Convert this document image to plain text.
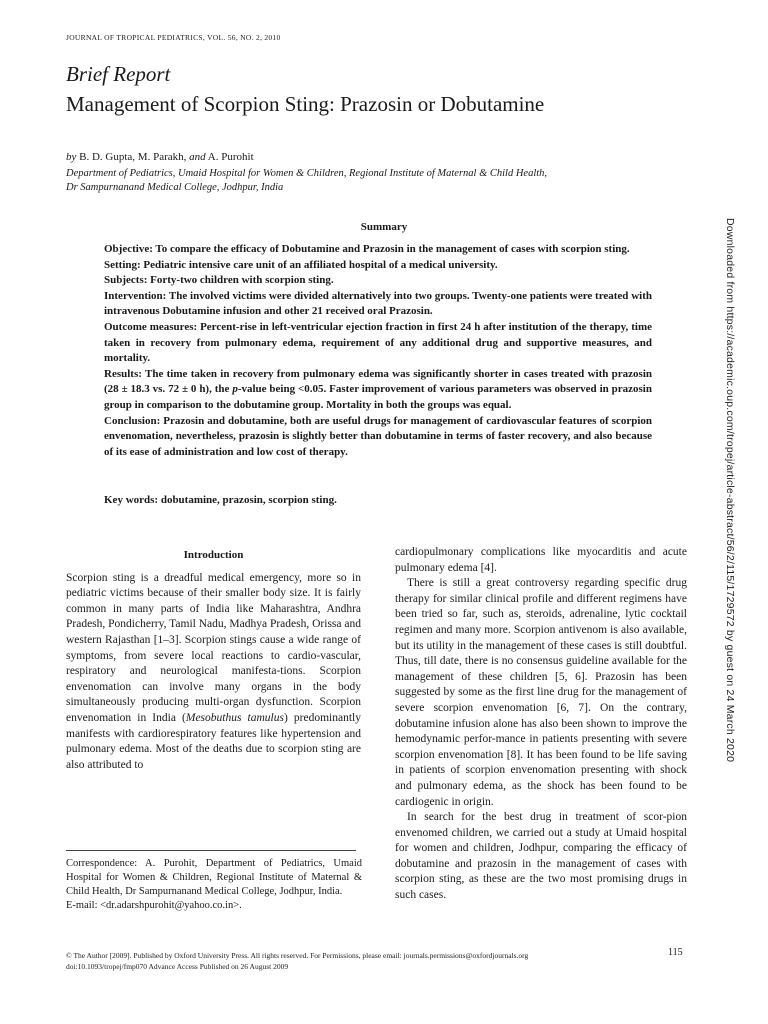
JOURNAL OF TROPICAL PEDIATRICS, VOL. 56, NO. 2, 2010
Brief Report
Management of Scorpion Sting: Prazosin or Dobutamine
by B. D. Gupta, M. Parakh, and A. Purohit
Department of Pediatrics, Umaid Hospital for Women & Children, Regional Institute of Maternal & Child Health,
Dr Sampurnanand Medical College, Jodhpur, India
Summary

Objective: To compare the efficacy of Dobutamine and Prazosin in the management of cases with scorpion sting.

Setting: Pediatric intensive care unit of an affiliated hospital of a medical university.

Subjects: Forty-two children with scorpion sting.

Intervention: The involved victims were divided alternatively into two groups. Twenty-one patients were treated with intravenous Dobutamine infusion and other 21 received oral Prazosin.

Outcome measures: Percent-rise in left-ventricular ejection fraction in first 24 h after institution of the therapy, time taken in recovery from pulmonary edema, requirement of any additional drug and supportive measures, and mortality.

Results: The time taken in recovery from pulmonary edema was significantly shorter in cases treated with prazosin (28 ± 18.3 vs. 72 ± 0 h), the p-value being <0.05. Faster improvement of various parameters was observed in prazosin group in comparison to the dobutamine group. Mortality in both the groups was equal.

Conclusion: Prazosin and dobutamine, both are useful drugs for management of cardiovascular features of scorpion envenomation, nevertheless, prazosin is slightly better than dobutamine in terms of faster recovery, and also because of its ease of administration and low cost of therapy.

Key words: dobutamine, prazosin, scorpion sting.

Introduction

Scorpion sting is a dreadful medical emergency, more so in pediatric victims because of their smaller body size. It is fairly common in many parts of India like Maharashtra, Andhra Pradesh, Pondicherry, Tamil Nadu, Madhya Pradesh, Orissa and western Rajasthan [1–3]. Scorpion stings cause a wide range of symptoms, from severe local reactions to cardio-vascular, respiratory and neurological manifesta-tions. Scorpion envenomation can involve many organs in the body simultaneously producing multi-organ dysfunction. Scorpion envenomation in India (Mesobuthus tamulus) predominantly manifests with cardiorespiratory features like hypertension and pulmonary edema. Most of the deaths due to scorpion sting are also attributed to

cardiopulmonary complications like myocarditis and acute pulmonary edema [4].

There is still a great controversy regarding specific drug therapy for similar clinical profile and different regimens have been tried so far, such as, steroids, adrenaline, lytic cocktail regimen and many more. Scorpion antivenom is also available, but its utility in the management of these cases is still doubtful. Thus, till date, there is no consensus guideline available for the management of these children [5, 6]. Prazosin has been suggested by some as the first line drug for the management of severe scorpion envenomation [6, 7]. On the contrary, dobutamine infusion alone has also been shown to improve the hemodynamic perfor-mance in patients presenting with severe scorpion envenomation [8]. It has been found to be life saving in patients of scorpion envenomation presenting with shock and pulmonary edema, as the shock has been found to be cardiogenic in origin.

In search for the best drug in treatment of scor-pion envenomed children, we carried out a study at Umaid hospital for women and children, Jodhpur, comparing the efficacy of dobutamine and prazosin in the management of cases with scorpion sting, as these are the two most promising drugs in such cases.

Correspondence: A. Purohit, Department of Pediatrics, Umaid Hospital for Women & Children, Regional Institute of Maternal & Child Health, Dr Sampurnanand Medical College, Jodhpur, India.

E-mail: <dr.adarshpurohit@yahoo.co.in>.

© The Author [2009]. Published by Oxford University Press. All rights reserved. For Permissions, please email: journals.permissions@oxfordjournals.org
doi:10.1093/tropej/fmp070 Advance Access Published on 26 August 2009
115
Downloaded from https://academic.oup.com/tropej/article-abstract/56/2/115/1729572 by guest on 24 March 2020
